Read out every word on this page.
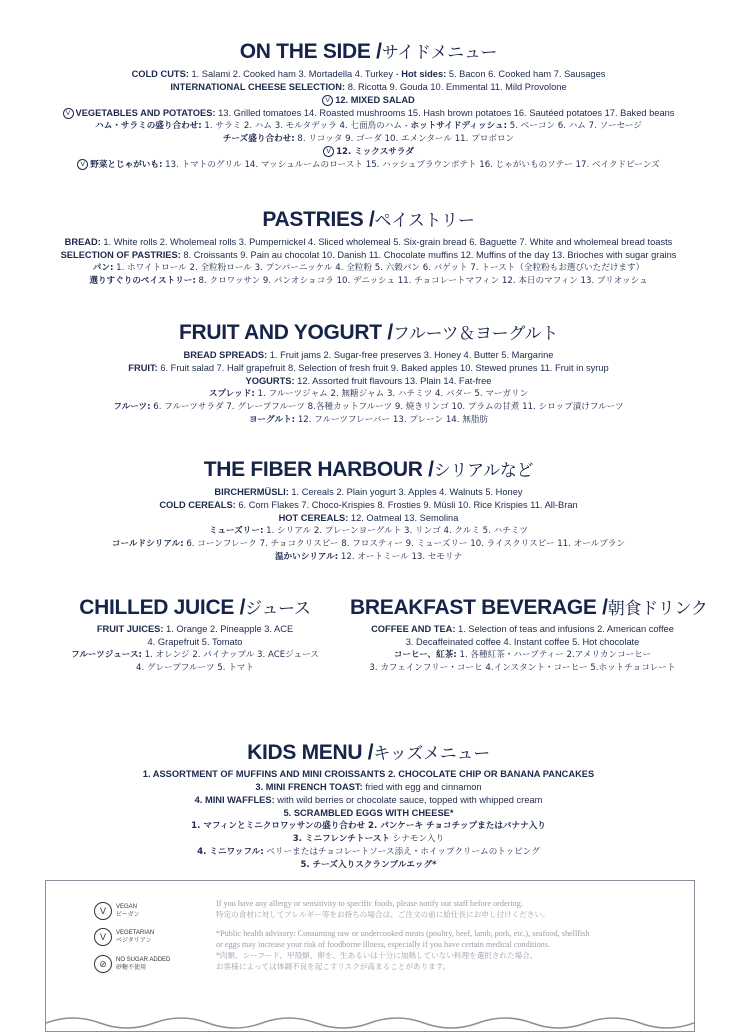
ON THE SIDE /サイドメニュー
COLD CUTS: 1. Salami 2. Cooked ham 3. Mortadella 4. Turkey - Hot sides: 5. Bacon 6. Cooked ham 7. Sausages
INTERNATIONAL CHEESE SELECTION: 8. Ricotta 9. Gouda 10. Emmental 11. Mild Provolone
V 12. MIXED SALAD
V VEGETABLES AND POTATOES: 13. Grilled tomatoes 14. Roasted mushrooms 15. Hash brown potatoes 16. Sautéed potatoes 17. Baked beans
ハム・サラミの盛り合わせ: 1. サラミ 2. ハム 3. モルタデッラ 4. 七面鳥のハム - ホットサイドディッシュ: 5. ベーコン 6. ハム 7. ソーセージ
チーズ盛り合わせ: 8. リコッタ 9. ゴーダ 10. エメンタール 11. プロボロン
V 12. ミックスサラダ
V 野菜とじゃがいも: 13. トマトのグリル 14. マッシュルームのロースト 15. ハッシュブラウンポテト 16. じゃがいものソテー 17. ベイクドビーンズ
PASTRIES /ペイストリー
BREAD: 1. White rolls 2. Wholemeal rolls 3. Pumpernickel 4. Sliced wholemeal 5. Six-grain bread 6. Baguette 7. White and wholemeal bread toasts
SELECTION OF PASTRIES: 8. Croissants 9. Pain au chocolat 10. Danish 11. Chocolate muffins 12. Muffins of the day 13. Brioches with sugar grains
パン: 1. ホワイトロール 2. 全粒粉ロール 3. プンパーニッケル 4. 全粒粉 5. 六穀パン 6. バゲット 7. トースト（全粒粉もお選びいただけます）
選りすぐりのペイストリー: 8. クロワッサン 9. パンオショコラ 10. デニッシュ 11. チョコレートマフィン 12. 本日のマフィン 13. ブリオッシュ
FRUIT AND YOGURT /フルーツ＆ヨーグルト
BREAD SPREADS: 1. Fruit jams 2. Sugar-free preserves 3. Honey 4. Butter 5. Margarine
FRUIT: 6. Fruit salad 7. Half grapefruit 8. Selection of fresh fruit 9. Baked apples 10. Stewed prunes 11. Fruit in syrup
YOGURTS: 12. Assorted fruit flavours 13. Plain 14. Fat-free
スプレッド: 1. フルーツジャム 2. 無糖ジャム 3. ハチミツ 4. バター 5. マーガリン
フルーツ: 6. フルーツサラダ 7. グレープフルーツ 8.各種カットフルーツ 9. 焼きリンゴ 10. プラムの甘煮 11. シロップ漬けフルーツ
ヨーグルト: 12. フルーツフレーバー 13. プレーン 14. 無脂肪
THE FIBER HARBOUR /シリアルなど
BIRCHERMÜSLI: 1. Cereals 2. Plain yogurt 3. Apples 4. Walnuts 5. Honey
COLD CEREALS: 6. Corn Flakes 7. Choco-Krispies 8. Frosties 9. Müsli 10. Rice Krispies 11. All-Bran
HOT CEREALS: 12. Oatmeal 13. Semolina
ミューズリー: 1. シリアル 2. プレーンヨーグルト 3. リンゴ 4. クルミ 5. ハチミツ
コールドシリアル: 6. コーンフレーク 7. チョコクリスピー 8. フロスティー 9. ミューズリー 10. ライスクリスピー 11. オールブラン
温かいシリアル: 12. オートミール 13. セモリナ
CHILLED JUICE /ジュース
FRUIT JUICES: 1. Orange 2. Pineapple 3. ACE
4. Grapefruit 5. Tomato
フルーツジュース: 1. オレンジ 2. パイナップル 3. ACEジュース
4. グレープフルーツ 5. トマト
BREAKFAST BEVERAGE /朝食ドリンク
COFFEE AND TEA: 1. Selection of teas and infusions 2. American coffee
3. Decaffeinated coffee 4. Instant coffee 5. Hot chocolate
コーヒー、紅茶: 1. 各種紅茶・ハーブティー 2.アメリカンコーヒー
3. カフェインフリー・コーヒ 4.インスタント・コーヒー 5.ホットチョコレート
KIDS MENU /キッズメニュー
1. ASSORTMENT OF MUFFINS AND MINI CROISSANTS 2. CHOCOLATE CHIP OR BANANA PANCAKES
3. MINI FRENCH TOAST: fried with egg and cinnamon
4. MINI WAFFLES: with wild berries or chocolate sauce, topped with whipped cream
5. SCRAMBLED EGGS WITH CHEESE*
1. マフィンとミニクロワッサンの盛り合わせ 2. パンケーキ チョコチップまたはバナナ入り
3. ミニフレンチトースト シナモン入り
4. ミニワッフル: ベリーまたはチョコレートソース添え・ホイップクリームのトッピング
5. チーズ入りスクランブルエッグ*
V	VEGAN
ビーガン
V	VEGETARIAN
ベジタリアン
⊘	NO SUGAR ADDED
砂糖不使用
If you have any allergy or sensitivity to specific foods, please notify our staff before ordering.
特定の食材に対してアレルギー等をお持ちの場合は、ご注文の前に給仕長にお申し付けください。
*Public health advisory: Consuming raw or undercooked meats (poultry, beef, lamb, pork, etc.), seafood, shellfish
or eggs may increase your risk of foodborne illness, especially if you have certain medical conditions.
*肉類、シーフード、甲殻類、卵を、生あるいは十分に加熱していない料理を選択された場合、
お客様によっては体調不良を起こすリスクが高まることがあります。
